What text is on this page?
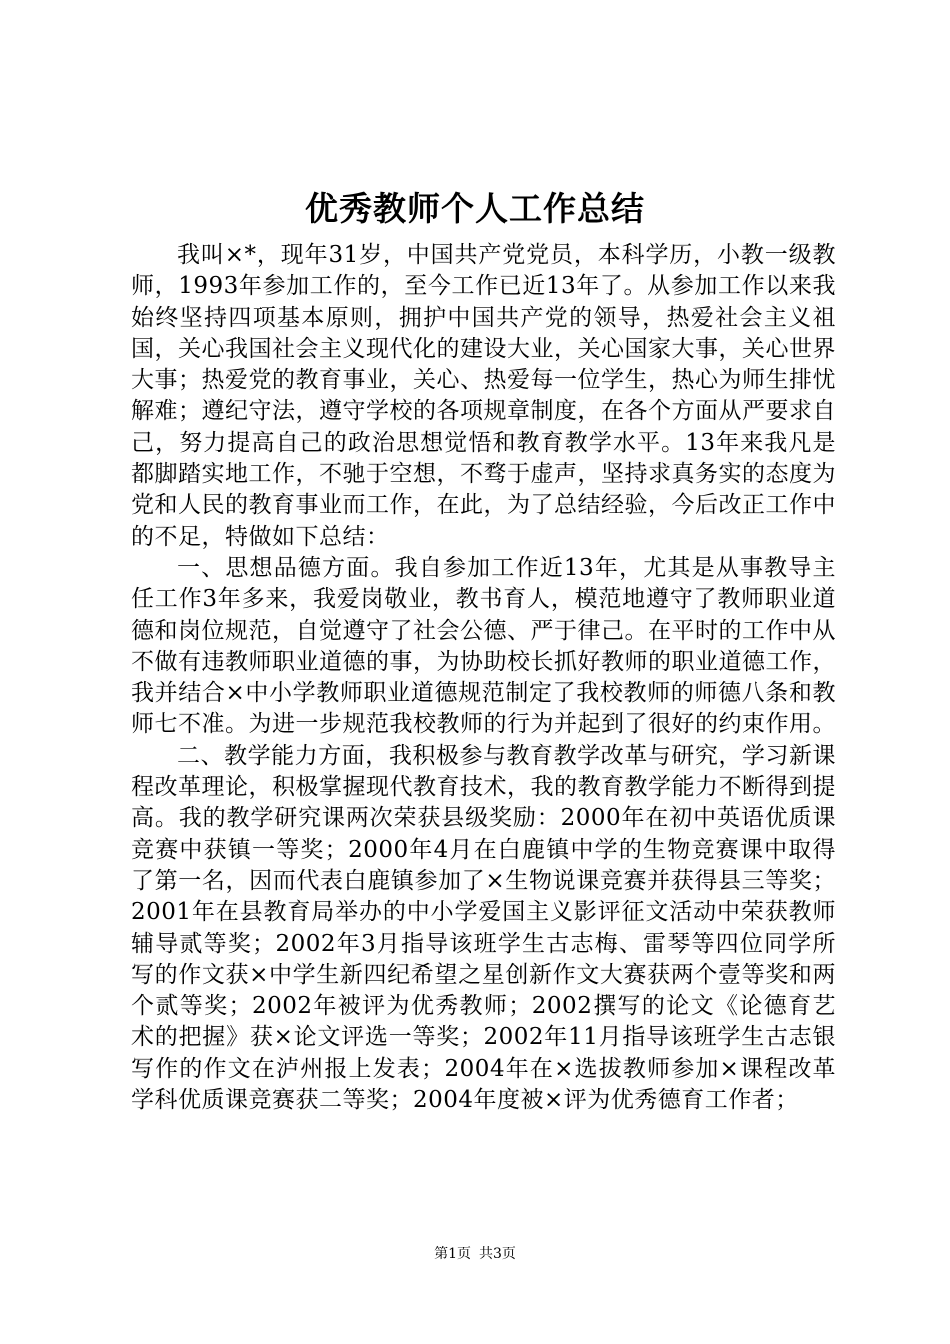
优秀教师个人工作总结

我叫×*，现年31岁，中国共产党党员，本科学历，小教一级教师，1993年参加工作的，至今工作已近13年了。从参加工作以来我始终坚持四项基本原则，拥护中国共产党的领导，热爱社会主义祖国，关心我国社会主义现代化的建设大业，关心国家大事，关心世界大事；热爱党的教育事业，关心、热爱每一位学生，热心为师生排忧解难；遵纪守法，遵守学校的各项规章制度，在各个方面从严要求自己，努力提高自己的政治思想觉悟和教育教学水平。13年来我凡是都脚踏实地工作，不驰于空想，不骛于虚声，坚持求真务实的态度为党和人民的教育事业而工作，在此，为了总结经验，今后改正工作中的不足，特做如下总结：

一、思想品德方面。我自参加工作近13年，尤其是从事教导主任工作3年多来，我爱岗敬业，教书育人，模范地遵守了教师职业道德和岗位规范，自觉遵守了社会公德、严于律己。在平时的工作中从不做有违教师职业道德的事，为协助校长抓好教师的职业道德工作，我并结合×中小学教师职业道德规范制定了我校教师的师德八条和教师七不准。为进一步规范我校教师的行为并起到了很好的约束作用。

二、教学能力方面，我积极参与教育教学改革与研究，学习新课程改革理论，积极掌握现代教育技术，我的教育教学能力不断得到提高。我的教学研究课两次荣获县级奖励：2000年在初中英语优质课竞赛中获镇一等奖；2000年4月在白鹿镇中学的生物竞赛课中取得了第一名，因而代表白鹿镇参加了×生物说课竞赛并获得县三等奖；2001年在县教育局举办的中小学爱国主义影评征文活动中荣获教师辅导贰等奖；2002年3月指导该班学生古志梅、雷琴等四位同学所写的作文获×中学生新四纪希望之星创新作文大赛获两个壹等奖和两个贰等奖；2002年被评为优秀教师；2002撰写的论文《论德育艺术的把握》获×论文评选一等奖；2002年11月指导该班学生古志银写作的作文在泸州报上发表；2004年在×选拔教师参加×课程改革学科优质课竞赛获二等奖；2004年度被×评为优秀德育工作者；

第1页 共3页
